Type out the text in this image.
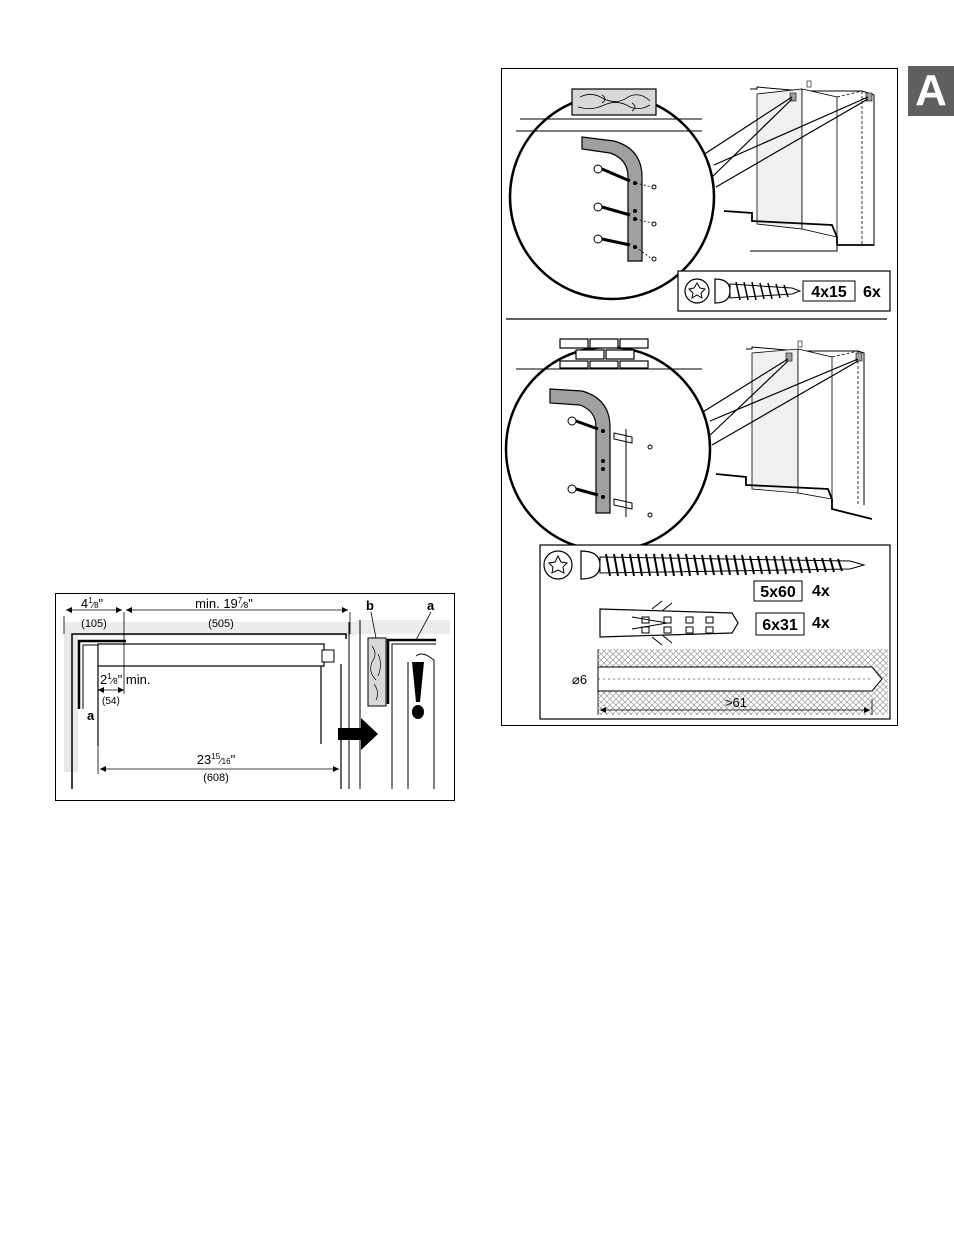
A
$4^1_⁄8$"
(105)
min. $19^7_⁄8$"
(505)
$2^1_⁄8$" min.
(54)
$23^{15}_⁄16$"
(608)
a
b	a
4x15 6x
5x60 4x
6x31 4x
>61
⌀6
